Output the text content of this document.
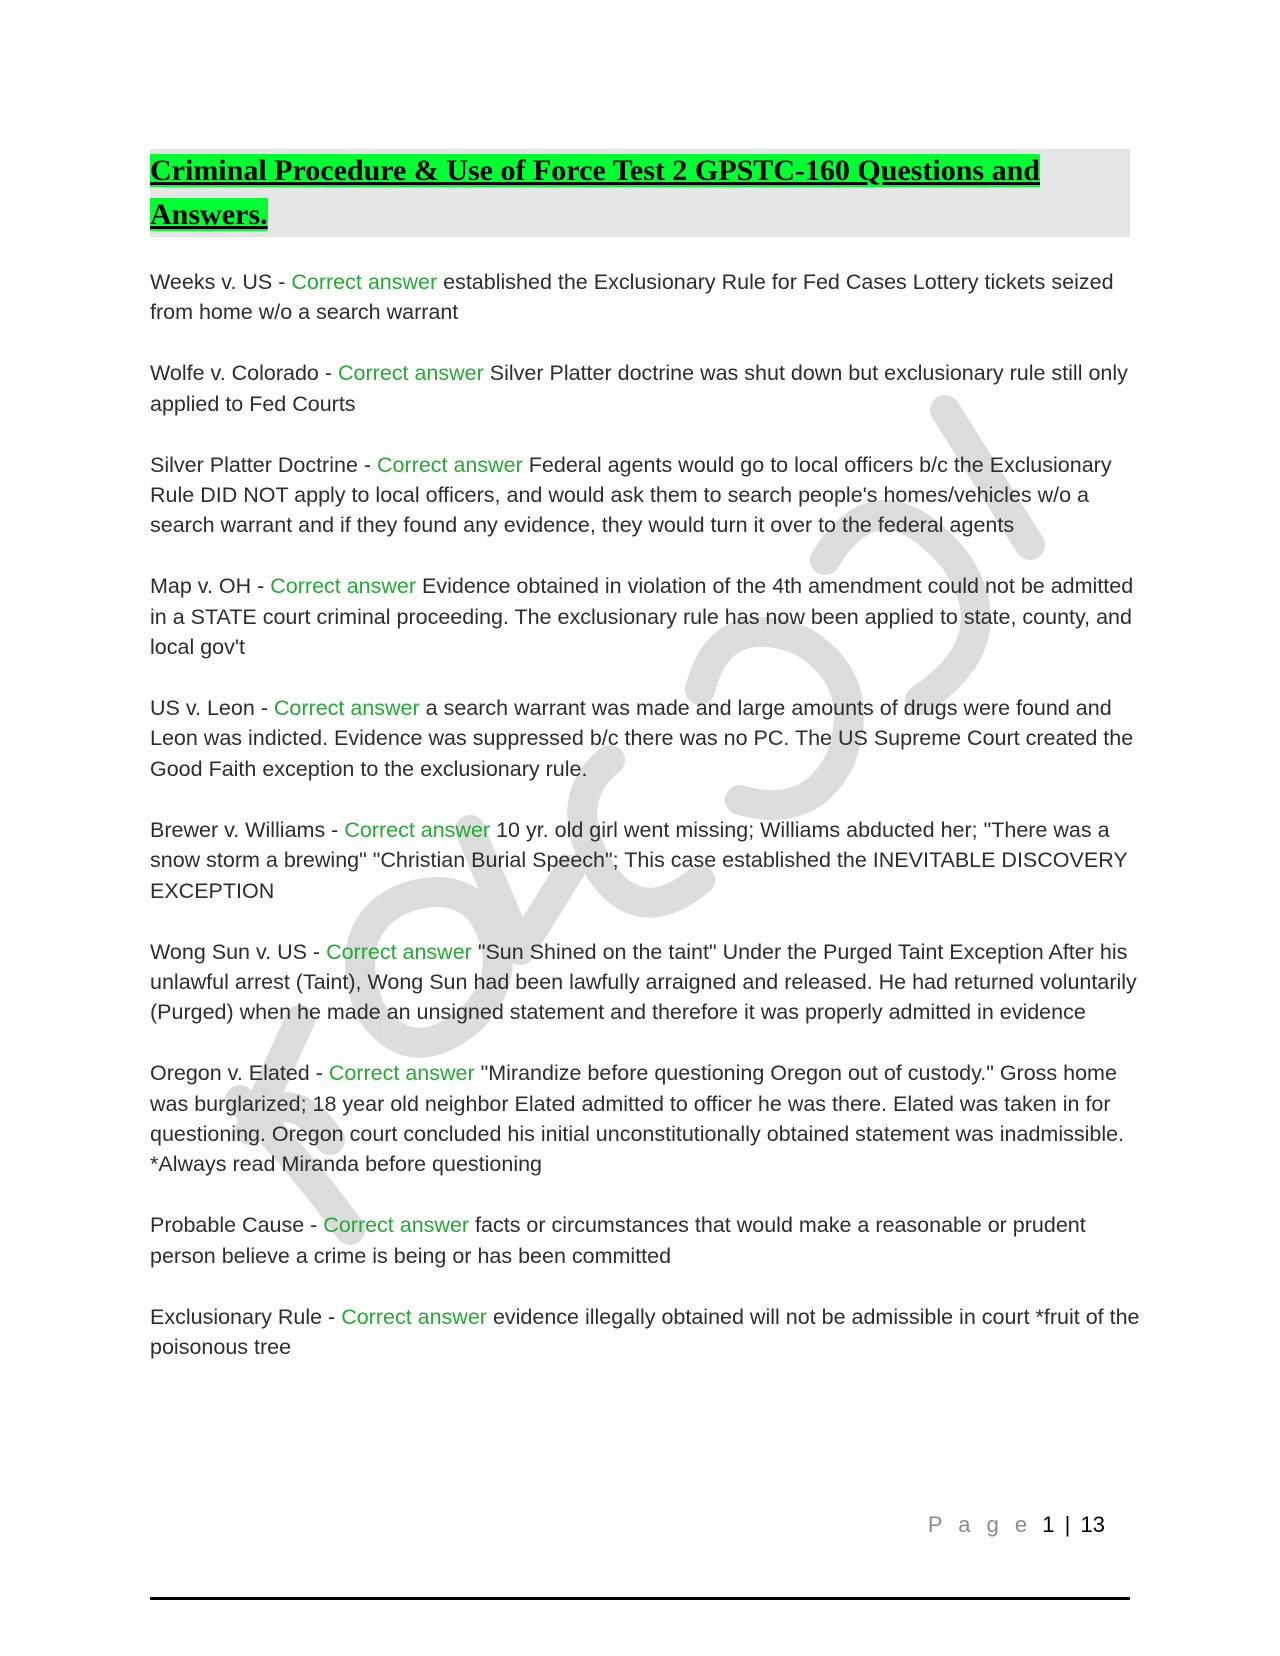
Criminal Procedure & Use of Force Test 2 GPSTC-160 Questions and Answers.

Weeks v. US - Correct answer established the Exclusionary Rule for Fed Cases Lottery tickets seized from home w/o a search warrant

Wolfe v. Colorado - Correct answer Silver Platter doctrine was shut down but exclusionary rule still only applied to Fed Courts

Silver Platter Doctrine - Correct answer Federal agents would go to local officers b/c the Exclusionary Rule DID NOT apply to local officers, and would ask them to search people's homes/vehicles w/o a search warrant and if they found any evidence, they would turn it over to the federal agents

Map v. OH - Correct answer Evidence obtained in violation of the 4th amendment could not be admitted in a STATE court criminal proceeding. The exclusionary rule has now been applied to state, county, and local gov't

US v. Leon - Correct answer a search warrant was made and large amounts of drugs were found and Leon was indicted. Evidence was suppressed b/c there was no PC. The US Supreme Court created the Good Faith exception to the exclusionary rule.

Brewer v. Williams - Correct answer 10 yr. old girl went missing; Williams abducted her; "There was a snow storm a brewing" "Christian Burial Speech"; This case established the INEVITABLE DISCOVERY EXCEPTION

Wong Sun v. US - Correct answer "Sun Shined on the taint" Under the Purged Taint Exception After his unlawful arrest (Taint), Wong Sun had been lawfully arraigned and released. He had returned voluntarily (Purged) when he made an unsigned statement and therefore it was properly admitted in evidence

Oregon v. Elated - Correct answer "Mirandize before questioning Oregon out of custody." Gross home was burglarized; 18 year old neighbor Elated admitted to officer he was there. Elated was taken in for questioning. Oregon court concluded his initial unconstitutionally obtained statement was inadmissible. *Always read Miranda before questioning

Probable Cause - Correct answer facts or circumstances that would make a reasonable or prudent person believe a crime is being or has been committed

Exclusionary Rule - Correct answer evidence illegally obtained will not be admissible in court *fruit of the poisonous tree

P a g e 1 | 13
